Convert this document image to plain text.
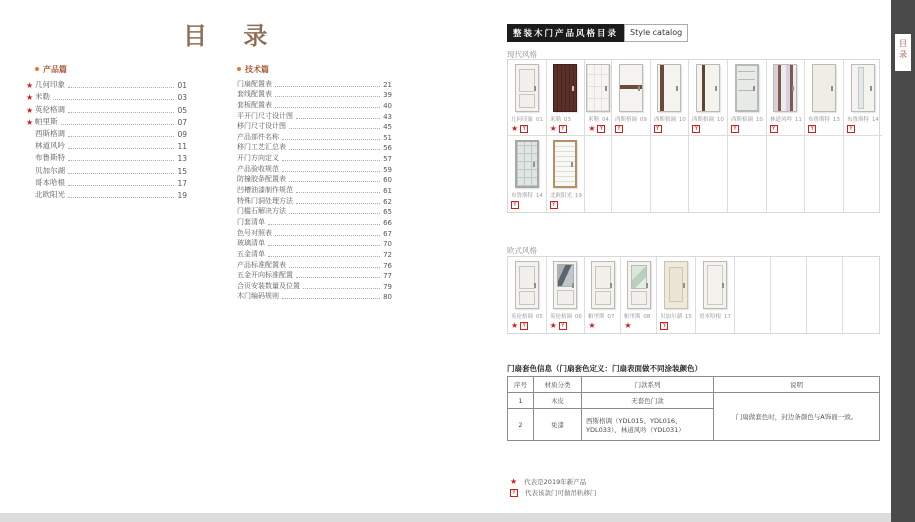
目 录
产品篇
★ 几何印象	01
★ 米勒	03
★ 英伦格调	05
★ 帕里斯	07
西斯格调	09
林道风吟	11
布鲁斯特	13
贝加尔湖	15
哥本哈根	17
北欧阳光	19
技术篇
门扇配置表	21
套线配置表	39
套板配置表	40
平开门尺寸设计图	43
移门尺寸设计图	45
产品部件名称	51
移门工艺汇总表	56
开门方向定义	57
产品验收规范	59
防撞胶条配置表	60
凹槽油漆制作规范	61
特殊门洞处理方法	62
门槛石解决方法	65
门套清单	66
色号对照表	67
玻璃清单	70
五金清单	72
产品标准配置表	76
五金开向标准配置	77
合页安装数量及位置	79
木门编码规则	80
整装木门产品风格目录	Style catalog

现代风格

几何印象 01
★ Y
米勒 03
★ Y
米勒 04
★ Y
西斯格调 09
Y
西斯格调 10
Y
西斯格调 10
Y
西斯格调 10
Y
林道风吟 11
Y
布鲁斯特 13
Y
布鲁斯特 14
Y
布鲁斯特 14
Y
北欧阳光 19
Y

欧式风格

英伦格调 05
★ Y
英伦格调 06
★ Y
帕里斯 07
★
帕里斯 08
★
贝加尔湖 15
Y
哥本哈根 17
门扇套色信息（门扇套色定义：门扇表面做不同涂装颜色）
序号	材质分类	门款系列	说明
1	木皮	无套色门款	门扇做套色时，封边条颜色与A饰面一致。
2	免漆	西斯格调（YDL015、YDL016、YDL033）、林道风吟（YDL031）	
★ 代表是2019年新产品
Y	代表该款门可做吊轨移门
目录
